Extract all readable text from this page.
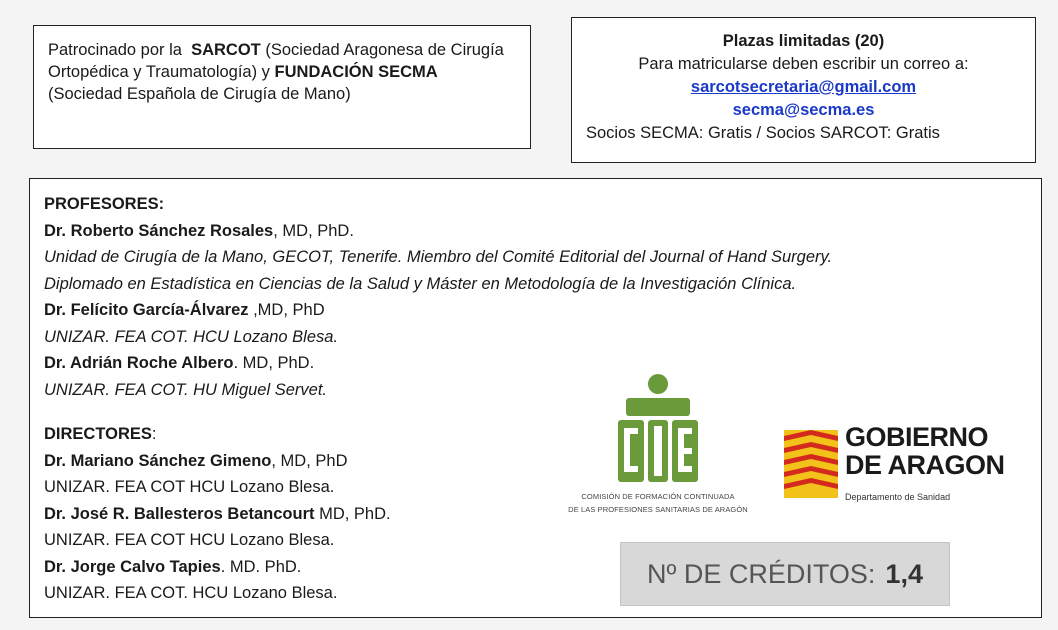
Patrocinado por la SARCOT (Sociedad Aragonesa de Cirugía Ortopédica y Traumatología) y FUNDACIÓN SECMA (Sociedad Española de Cirugía de Mano)
Plazas limitadas (20)
Para matricularse deben escribir un correo a:
sarcotsecretaria@gmail.com
secma@secma.es
Socios SECMA: Gratis / Socios SARCOT: Gratis
PROFESORES:
Dr. Roberto Sánchez Rosales, MD, PhD.
Unidad de Cirugía de la Mano, GECOT, Tenerife. Miembro del Comité Editorial del Journal of Hand Surgery.
Diplomado en Estadística en Ciencias de la Salud y Máster en Metodología de la Investigación Clínica.
Dr. Felícito García-Álvarez ,MD, PhD
UNIZAR. FEA COT. HCU Lozano Blesa.
Dr. Adrián Roche Albero. MD, PhD.
UNIZAR. FEA COT. HU Miguel Servet.
DIRECTORES:
Dr. Mariano Sánchez Gimeno, MD, PhD
UNIZAR. FEA COT HCU Lozano Blesa.
Dr. José R. Ballesteros Betancourt MD, PhD.
UNIZAR. FEA COT HCU Lozano Blesa.
Dr. Jorge Calvo Tapies. MD. PhD.
UNIZAR. FEA COT. HCU Lozano Blesa.
COMISIÓN DE FORMACIÓN CONTINUADA
DE LAS PROFESIONES SANITARIAS DE ARAGÓN
GOBIERNO
DE ARAGON
Departamento de Sanidad
Nº DE CRÉDITOS: 1,4
